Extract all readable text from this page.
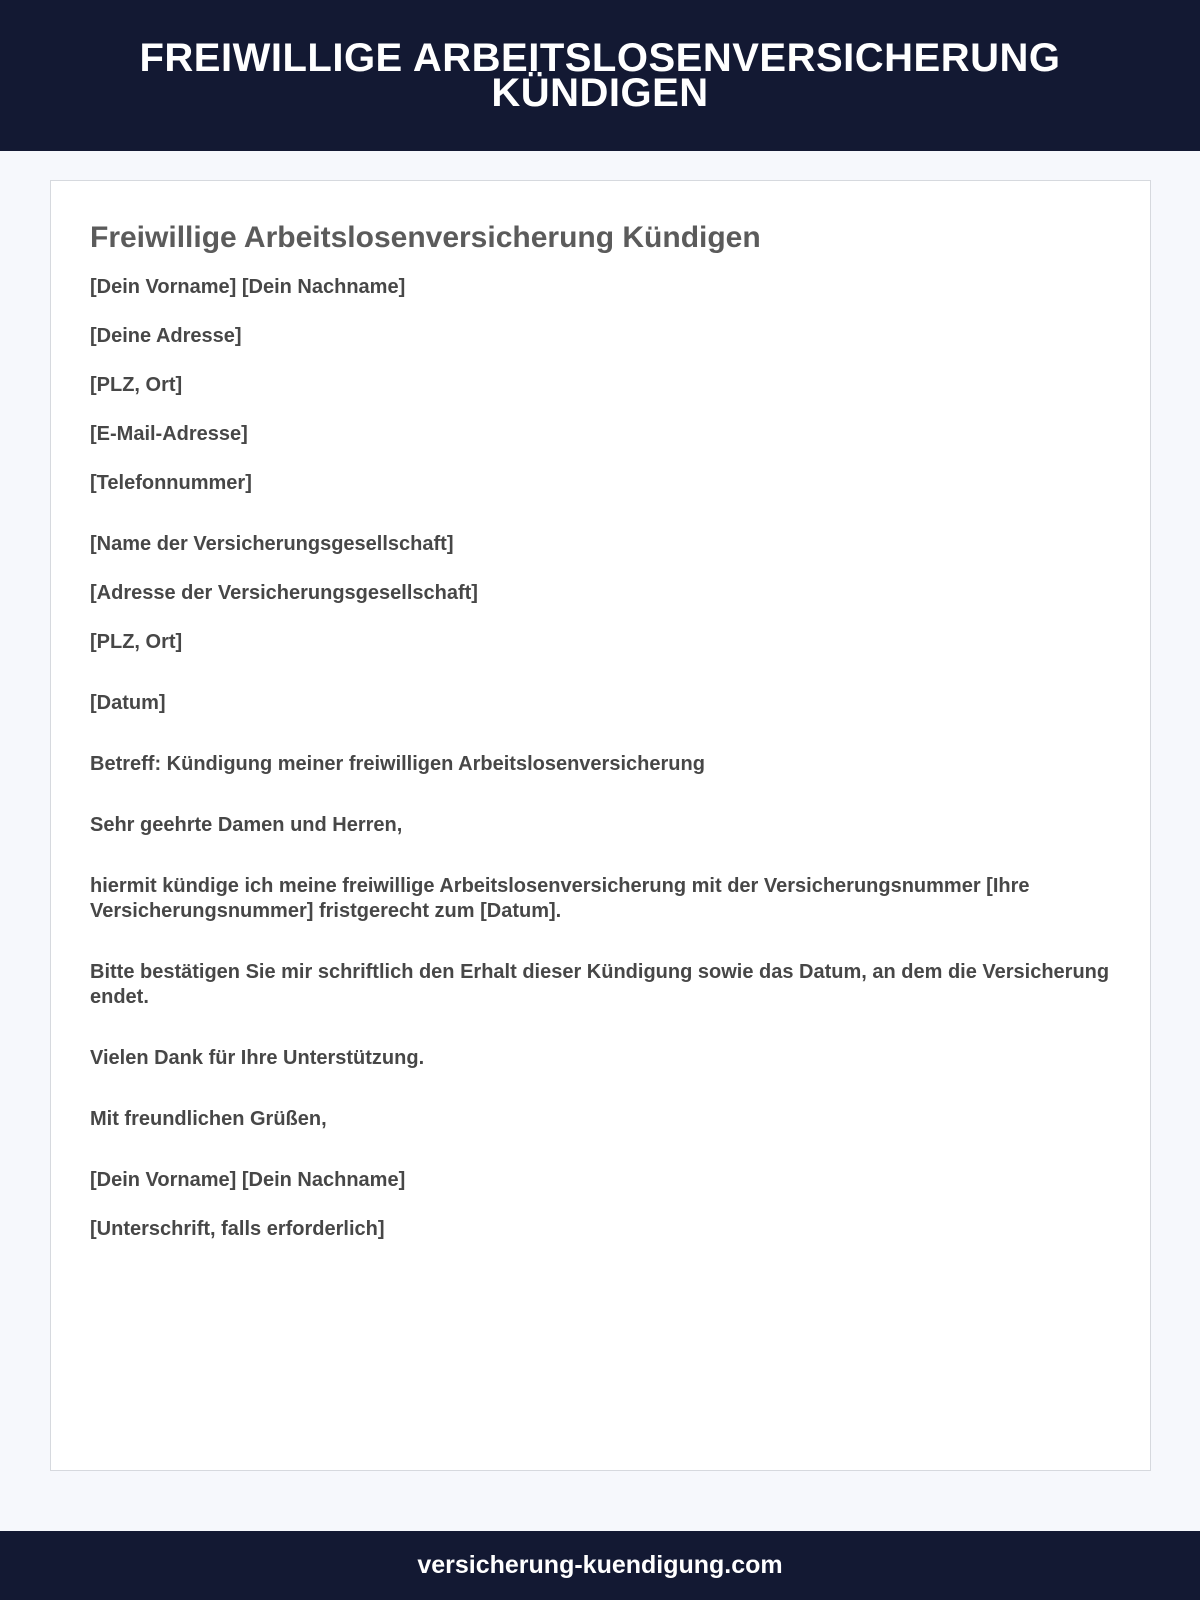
FREIWILLIGE ARBEITSLOSENVERSICHERUNG KÜNDIGEN
Freiwillige Arbeitslosenversicherung Kündigen

[Dein Vorname] [Dein Nachname]

[Deine Adresse]

[PLZ, Ort]

[E-Mail-Adresse]

[Telefonnummer]

[Name der Versicherungsgesellschaft]

[Adresse der Versicherungsgesellschaft]

[PLZ, Ort]

[Datum]

Betreff: Kündigung meiner freiwilligen Arbeitslosenversicherung

Sehr geehrte Damen und Herren,

hiermit kündige ich meine freiwillige Arbeitslosenversicherung mit der Versicherungsnummer [Ihre Versicherungsnummer] fristgerecht zum [Datum].

Bitte bestätigen Sie mir schriftlich den Erhalt dieser Kündigung sowie das Datum, an dem die Versicherung endet.

Vielen Dank für Ihre Unterstützung.

Mit freundlichen Grüßen,

[Dein Vorname] [Dein Nachname]

[Unterschrift, falls erforderlich]

versicherung-kuendigung.com
